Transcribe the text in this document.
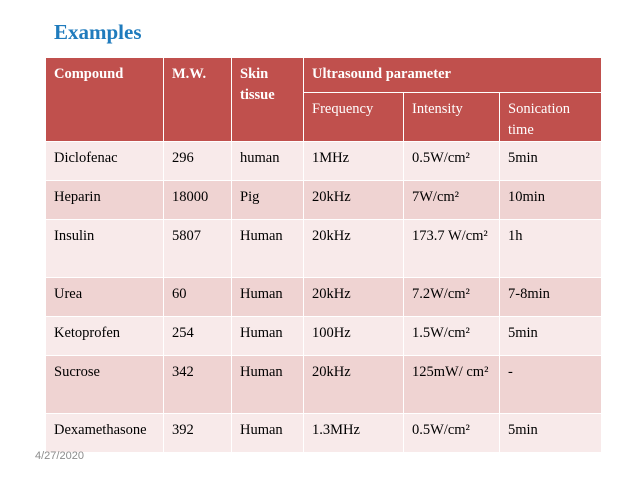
Examples
Compound	M.W.	Skin tissue	Ultrasound parameter		
			Frequency	Intensity	Sonication time
Diclofenac	296	human	1MHz	0.5W/cm²	5min
Heparin	18000	Pig	20kHz	7W/cm²	10min
Insulin	5807	Human	20kHz	173.7 W/cm²	1h
Urea	60	Human	20kHz	7.2W/cm²	7-8min
Ketoprofen	254	Human	100Hz	1.5W/cm²	5min
Sucrose	342	Human	20kHz	125mW/ cm²	-
Dexamethasone	392	Human	1.3MHz	0.5W/cm²	5min
4/27/2020
